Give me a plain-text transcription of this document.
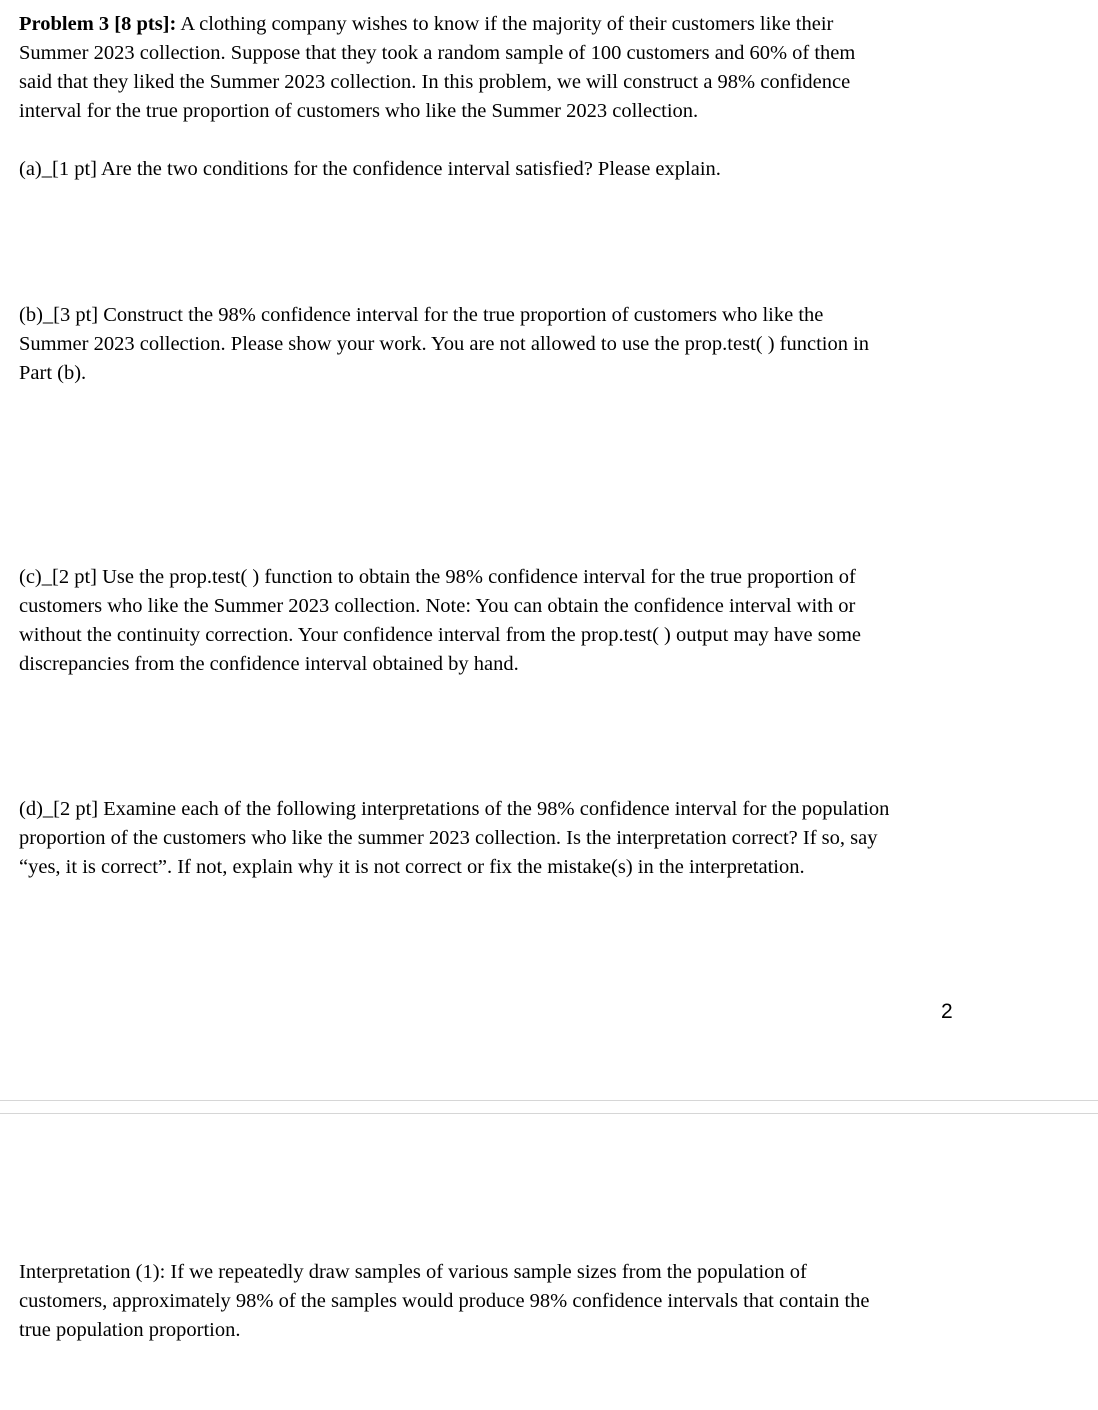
Problem 3 [8 pts]: A clothing company wishes to know if the majority of their customers like their
Summer 2023 collection. Suppose that they took a random sample of 100 customers and 60% of them
said that they liked the Summer 2023 collection. In this problem, we will construct a 98% confidence
interval for the true proportion of customers who like the Summer 2023 collection.

(a)_[1 pt] Are the two conditions for the confidence interval satisfied? Please explain.

(b)_[3 pt] Construct the 98% confidence interval for the true proportion of customers who like the
Summer 2023 collection. Please show your work. You are not allowed to use the prop.test( ) function in
Part (b).

(c)_[2 pt] Use the prop.test( ) function to obtain the 98% confidence interval for the true proportion of
customers who like the Summer 2023 collection. Note: You can obtain the confidence interval with or
without the continuity correction. Your confidence interval from the prop.test( ) output may have some
discrepancies from the confidence interval obtained by hand.

(d)_[2 pt] Examine each of the following interpretations of the 98% confidence interval for the population
proportion of the customers who like the summer 2023 collection. Is the interpretation correct? If so, say
“yes, it is correct”. If not, explain why it is not correct or fix the mistake(s) in the interpretation.

2

Interpretation (1): If we repeatedly draw samples of various sample sizes from the population of
customers, approximately 98% of the samples would produce 98% confidence intervals that contain the
true population proportion.
